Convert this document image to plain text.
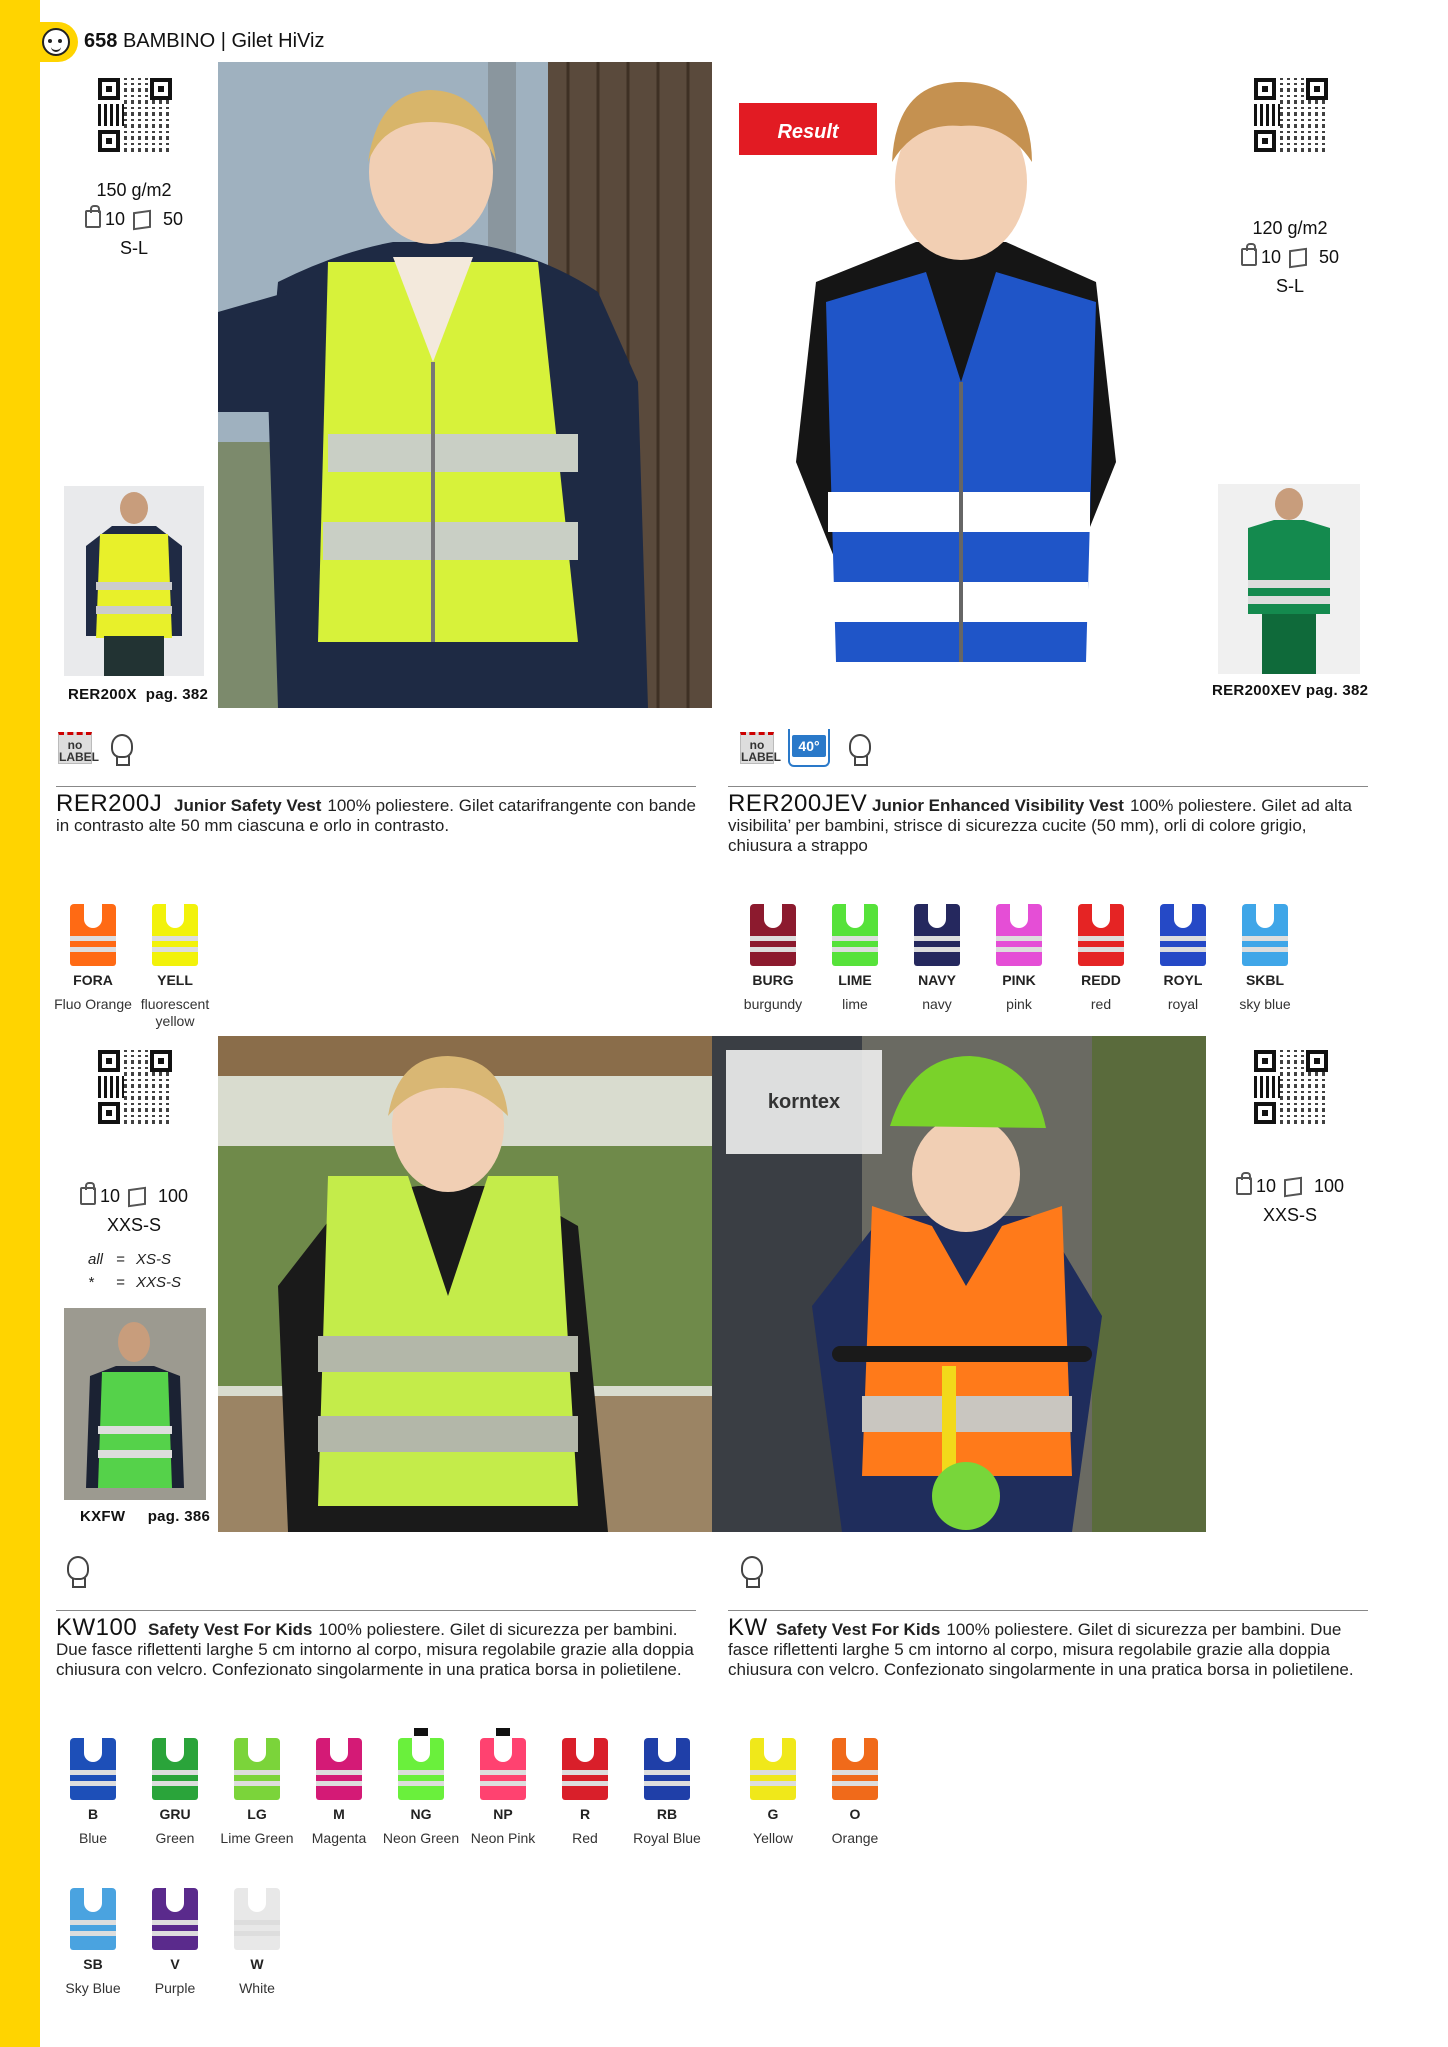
658 BAMBINO | Gilet HiViz
150 g/m2
10 50
S-L
120 g/m2
10 50
S-L
Result
RER200X pag. 382	RER200XEV pag. 382
no
LABEL
no
LABEL
40°
RER200J Junior Safety Vest 100% poliestere. Gilet catarifrangente con bande in contrasto alte 50 mm ciascuna e orlo in contrasto.
RER200JEV Junior Enhanced Visibility Vest 100% poliestere. Gilet ad alta visibilita’ per bambini, strisce di sicurezza cucite (50 mm), orli di colore grigio, chiusura a strappo
FORA
Fluo Orange
YELL
fluorescent yellow
BURG
burgundy
LIME
lime
NAVY
navy
PINK
pink
REDD
red
ROYL
royal
SKBL
sky blue
10 100
XXS-S
all = XS-S
* = XXS-S
KXFW pag. 386
10 100
XXS-S
korntex
KW100 Safety Vest For Kids 100% poliestere. Gilet di sicurezza per bambini. Due fasce riflettenti larghe 5 cm intorno al corpo, misura regolabile grazie alla doppia chiusura con velcro. Confezionato singolarmente in una pratica borsa in polietilene.
KW Safety Vest For Kids 100% poliestere. Gilet di sicurezza per bambini. Due fasce riflettenti larghe 5 cm intorno al corpo, misura regolabile grazie alla doppia chiusura con velcro. Confezionato singolarmente in una pratica borsa in polietilene.
B
Blue
GRU
Green
LG
Lime Green
M
Magenta
NG
Neon Green
NP
Neon Pink
R
Red
RB
Royal Blue
SB
Sky Blue
V
Purple
W
White
G
Yellow
O
Orange
